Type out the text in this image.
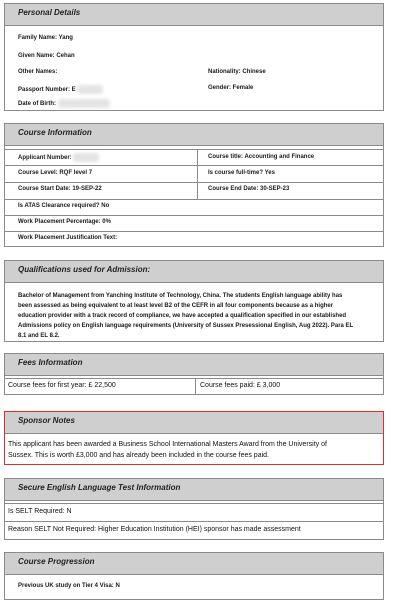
Personal Details
Family Name: Yang
Given Name: Cehan
Other Names:	Nationality: Chinese
Passport Number: E	Gender: Female
Date of Birth:
Course Information
Applicant Number:	Course title: Accounting and Finance
Course Level: RQF level 7	Is course full-time? Yes
Course Start Date: 19-SEP-22	Course End Date: 30-SEP-23
Is ATAS Clearance required? No
Work Placement Percentage: 0%
Work Placement Justification Text:
Qualifications used for Admission:
Bachelor of Management from Yanching Institute of Technology, China. The students English language ability has
been assessed as being equivalent to at least level B2 of the CEFR in all four components because as a higher
education provider with a track record of compliance, we have accepted a qualification specified in our established
Admissions policy on English language requirements (University of Sussex Presessional English, Aug 2022). Para EL
8.1 and EL 8.2.
Fees Information
Course fees for first year: £ 22,500	Course fees paid: £ 3,000
Sponsor Notes
This applicant has been awarded a Business School International Masters Award from the University of
Sussex. This is worth £3,000 and has already been included in the course fees paid.
Secure English Language Test Information
Is SELT Required: N
Reason SELT Not Required: Higher Education Institution (HEI) sponsor has made assessment
Course Progression
Previous UK study on Tier 4 Visa: N
